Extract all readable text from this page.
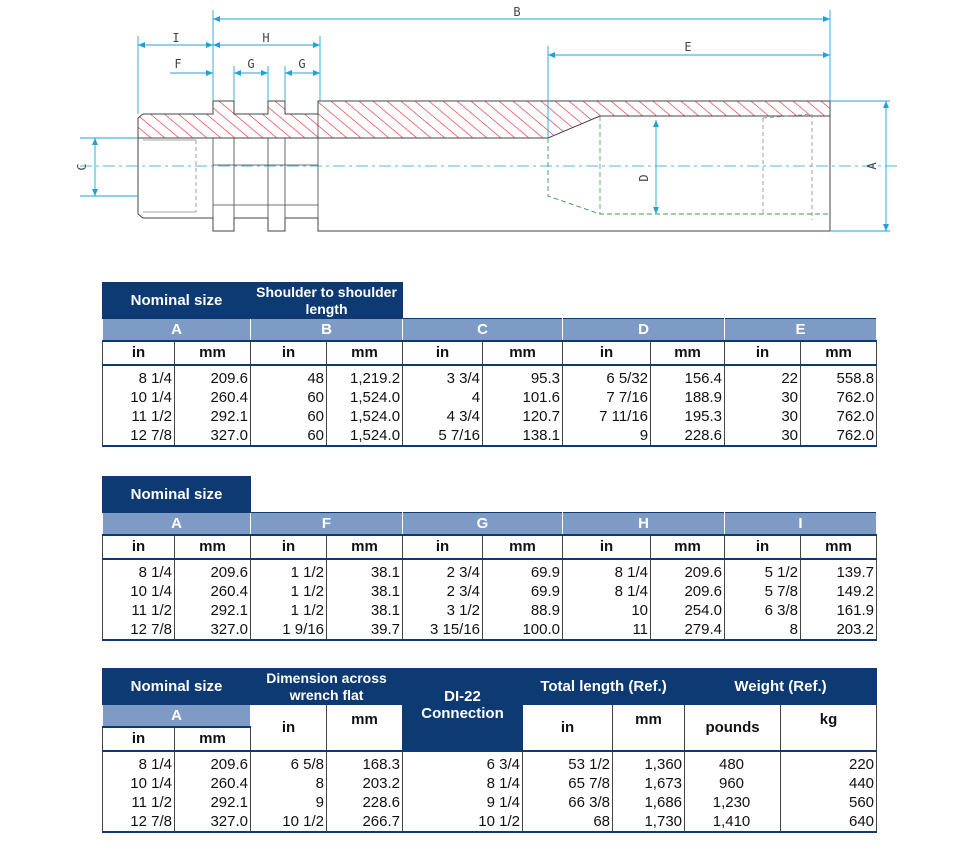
B
I	H
F	G	G
E
A
C
D
Nominal size		Shoulder to shoulder length							
A		B		C		D		E	
in	mm	in	mm	in	mm	in	mm	in	mm
8 1/4	209.6	48	1,219.2	3 3/4	95.3	6 5/32	156.4	22	558.8
10 1/4	260.4	60	1,524.0	4	101.6	7 7/16	188.9	30	762.0
11 1/2	292.1	60	1,524.0	4 3/4	120.7	7 11/16	195.3	30	762.0
12 7/8	327.0	60	1,524.0	5 7/16	138.1	9	228.6	30	762.0
Nominal size									
A		F		G		H		I	
in	mm	in	mm	in	mm	in	mm	in	mm
8 1/4	209.6	1 1/2	38.1	2 3/4	69.9	8 1/4	209.6	5 1/2	139.7
10 1/4	260.4	1 1/2	38.1	2 3/4	69.9	8 1/4	209.6	5 7/8	149.2
11 1/2	292.1	1 1/2	38.1	3 1/2	88.9	10	254.0	6 3/8	161.9
12 7/8	327.0	1 9/16	39.7	3 15/16	100.0	11	279.4	8	203.2
Nominal size		Dimension across wrench flat		DI-22 Connection	Total length (Ref.)		Weight (Ref.)	
A		in	mm		in	mm	pounds	kg
in	mm							
8 1/4	209.6	6 5/8	168.3	6 3/4	53 1/2	1,360	480	220
10 1/4	260.4	8	203.2	8 1/4	65 7/8	1,673	960	440
11 1/2	292.1	9	228.6	9 1/4	66 3/8	1,686	1,230	560
12 7/8	327.0	10 1/2	266.7	10 1/2	68	1,730	1,410	640
